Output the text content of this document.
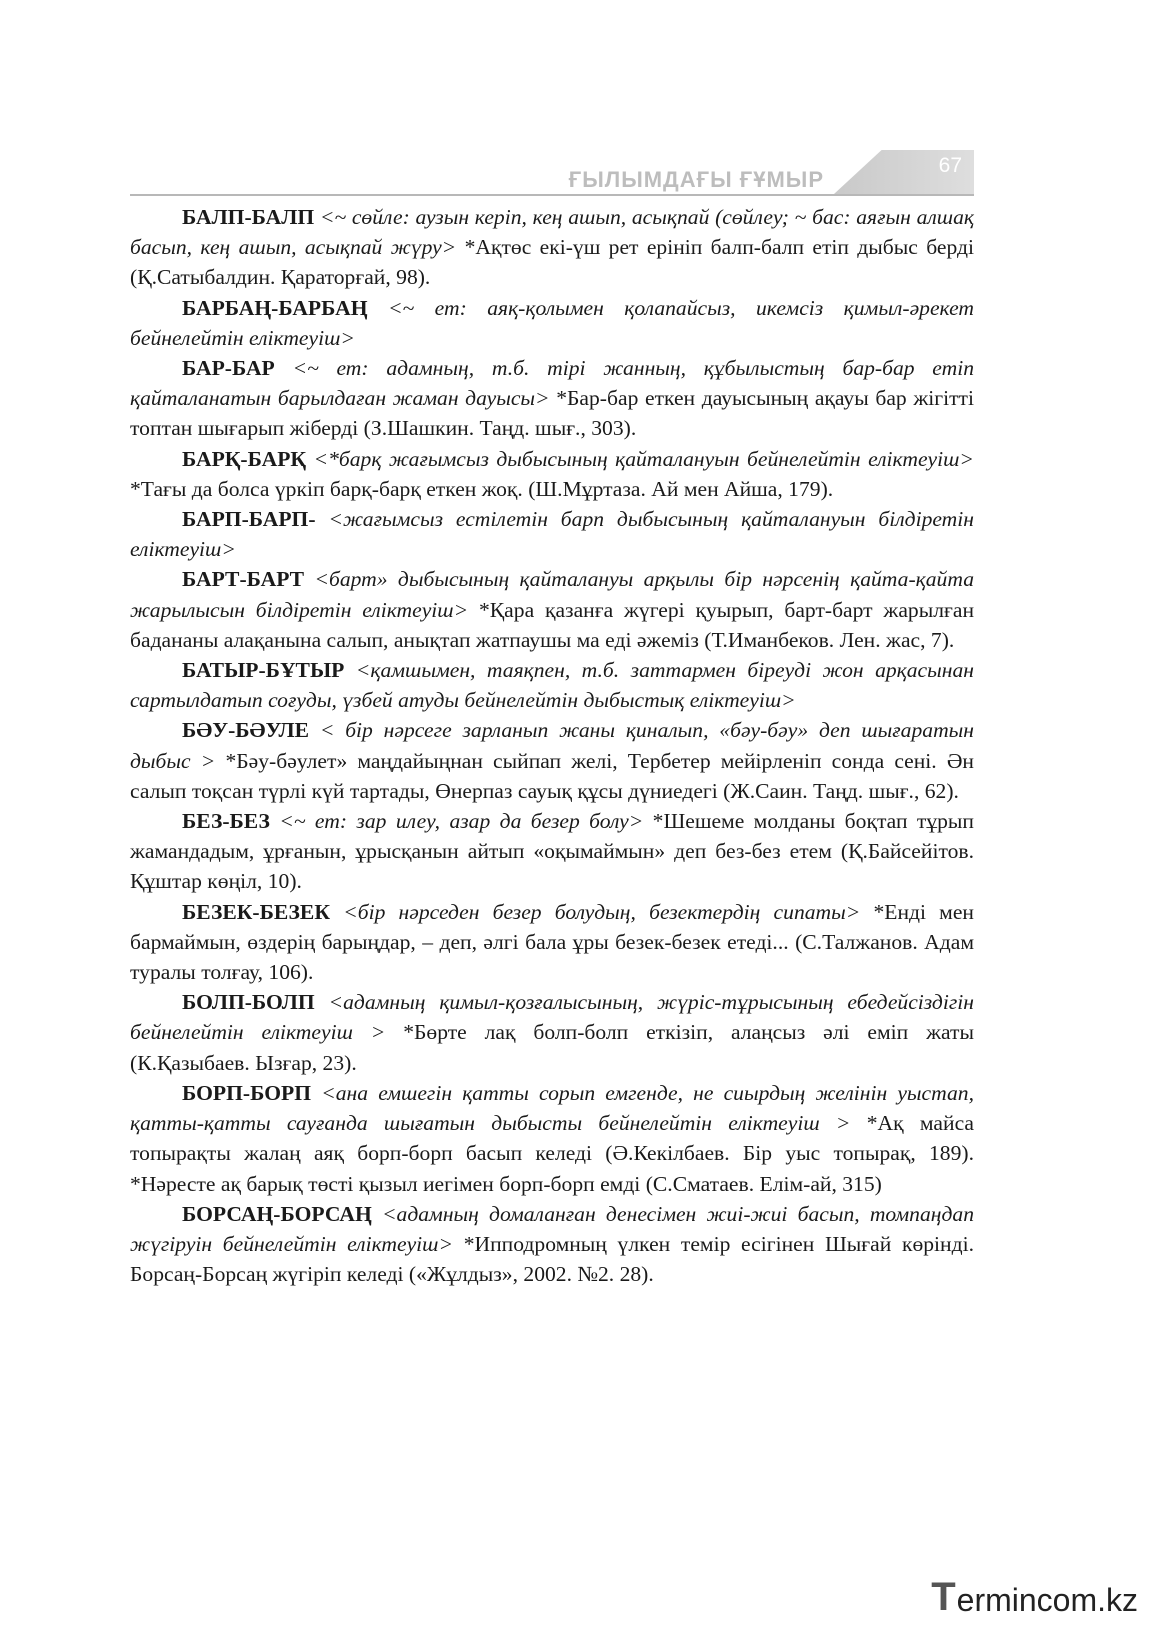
ҒЫЛЫМДАҒЫ ҒҰМЫР
67

БАЛП-БАЛП <~ сөйле: аузын керіп, кең ашып, асықпай (сөйлеу; ~ бас: аяғын алшақ басып, кең ашып, асықпай жүру> *Ақтөс екі-үш рет ерініп балп-балп етіп дыбыс берді (Қ.Сатыбалдин. Қараторғай, 98).

БАРБАҢ-БАРБАҢ <~ ет: аяқ-қолымен қолапайсыз, икемсіз қимыл-әрекет бейнелейтін еліктеуіш>

БАР-БАР <~ ет: адамның, т.б. тірі жанның, құбылыстың бар-бар етіп қайталанатын барылдаған жаман дауысы> *Бар-бар еткен дауысының ақауы бар жігітті топтан шығарып жіберді (З.Шашкин. Таңд. шығ., 303).

БАРҚ-БАРҚ <*барқ жағымсыз дыбысының қайталануын бейнелейтін еліктеуіш> *Тағы да болса үркіп барқ-барқ еткен жоқ. (Ш.Мұртаза. Ай мен Айша, 179).

БАРП-БАРП- <жағымсыз естілетін барп дыбысының қайталануын білдіретін еліктеуіш>

БАРТ-БАРТ <барт» дыбысының қайталануы арқылы бір нәрсенің қайта-қайта жарылысын білдіретін еліктеуіш> *Қара қазанға жүгері қуырып, барт-барт жарылған бадананы алақанына салып, анықтап жатпаушы ма еді әжеміз (Т.Иманбеков. Лен. жас, 7).

БАТЫР-БҰТЫР <қамшымен, таяқпен, т.б. заттармен біреуді жон арқасынан сартылдатып соғуды, үзбей атуды бейнелейтін дыбыстық еліктеуіш>

БӘУ-БӘУЛЕ < бір нәрсеге зарланып жаны қиналып, «бәу-бәу» деп шығаратын дыбыс > *Бәу-бәулет» маңдайыңнан сыйпап желі, Тербетер мейірленіп сонда сені. Ән салып тоқсан түрлі күй тартады, Өнерпаз сауық құсы дүниедегі (Ж.Саин. Таңд. шығ., 62).

БЕЗ-БЕЗ <~ ет: зар илеу, азар да безер болу> *Шешеме молданы боқтап тұрып жамандадым, ұрғанын, ұрысқанын айтып «оқымаймын» деп без-без етем (Қ.Байсейітов. Құштар көңіл, 10).

БЕЗЕК-БЕЗЕК <бір нәрседен безер болудың, безектердің сипаты> *Енді мен бармаймын, өздерің барыңдар, – деп, әлгі бала ұры безек-безек етеді... (С.Талжанов. Адам туралы толғау, 106).

БОЛП-БОЛП <адамның қимыл-қозғалысының, жүріс-тұрысының ебедейсіздігін бейнелейтін еліктеуіш > *Бөрте лақ болп-болп еткізіп, алаңсыз әлі еміп жаты (К.Қазыбаев. Ызғар, 23).

БОРП-БОРП <ана емшегін қатты сорып емгенде, не сиырдың желінін уыстап, қатты-қатты сауғанда шығатын дыбысты бейнелейтін еліктеуіш > *Ақ майса топырақты жалаң аяқ борп-борп басып келеді (Ә.Кекілбаев. Бір уыс топырақ, 189). *Нәресте ақ барық төсті қызыл иегімен борп-борп емді (С.Сматаев. Елім-ай, 315)

БОРСАҢ-БОРСАҢ <адамның домаланған денесімен жиі-жиі басып, томпаңдап жүгіруін бейнелейтін еліктеуіш> *Ипподромның үлкен темір есігінен Шығай көрінді. Борсаң-Борсаң жүгіріп келеді («Жұлдыз», 2002. №2. 28).

T ermincom.kz
